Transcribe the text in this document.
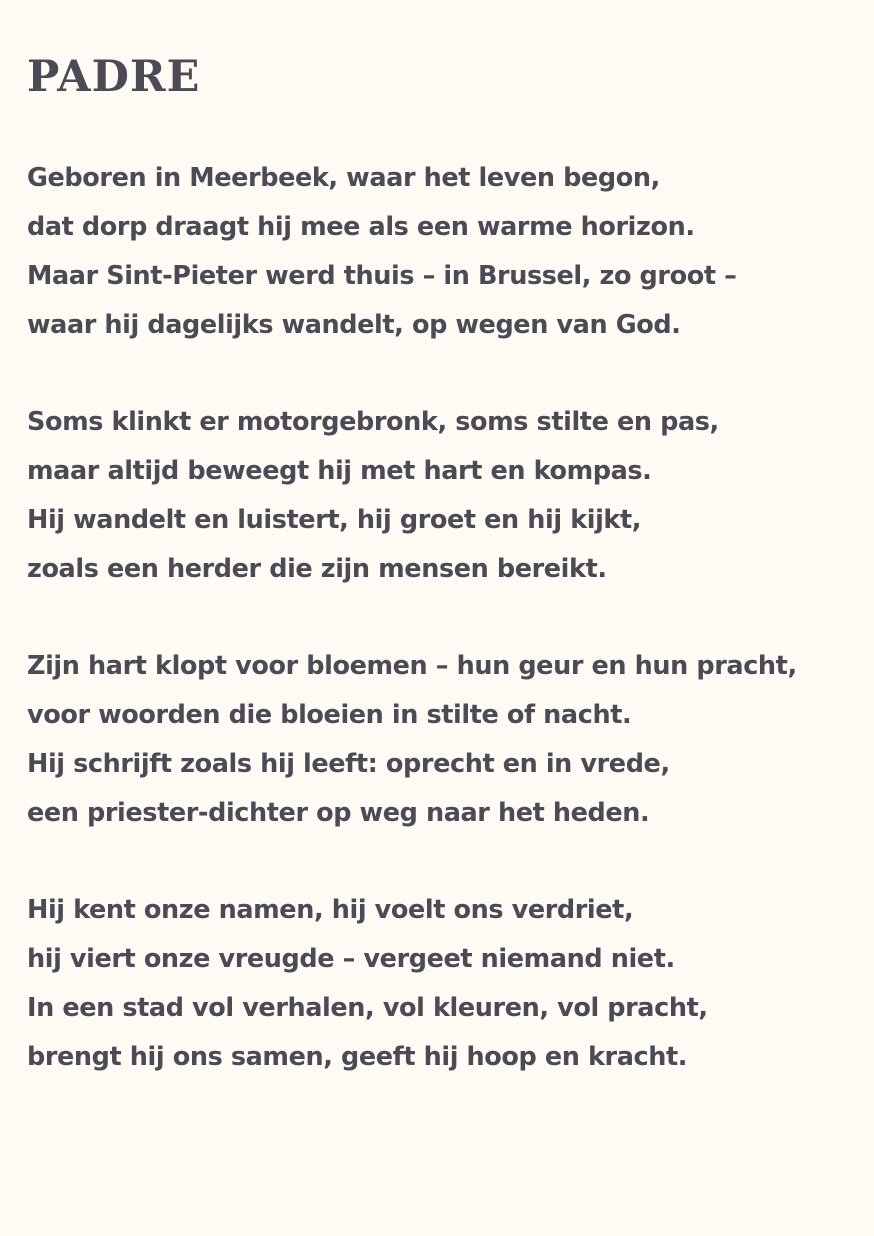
PADRE
Geboren in Meerbeek, waar het leven begon,
dat dorp draagt hij mee als een warme horizon.
Maar Sint-Pieter werd thuis – in Brussel, zo groot –
waar hij dagelijks wandelt, op wegen van God.
Soms klinkt er motorgebronk, soms stilte en pas,
maar altijd beweegt hij met hart en kompas.
Hij wandelt en luistert, hij groet en hij kijkt,
zoals een herder die zijn mensen bereikt.
Zijn hart klopt voor bloemen – hun geur en hun pracht,
voor woorden die bloeien in stilte of nacht.
Hij schrijft zoals hij leeft: oprecht en in vrede,
een priester-dichter op weg naar het heden.
Hij kent onze namen, hij voelt ons verdriet,
hij viert onze vreugde – vergeet niemand niet.
In een stad vol verhalen, vol kleuren, vol pracht,
brengt hij ons samen, geeft hij hoop en kracht.
